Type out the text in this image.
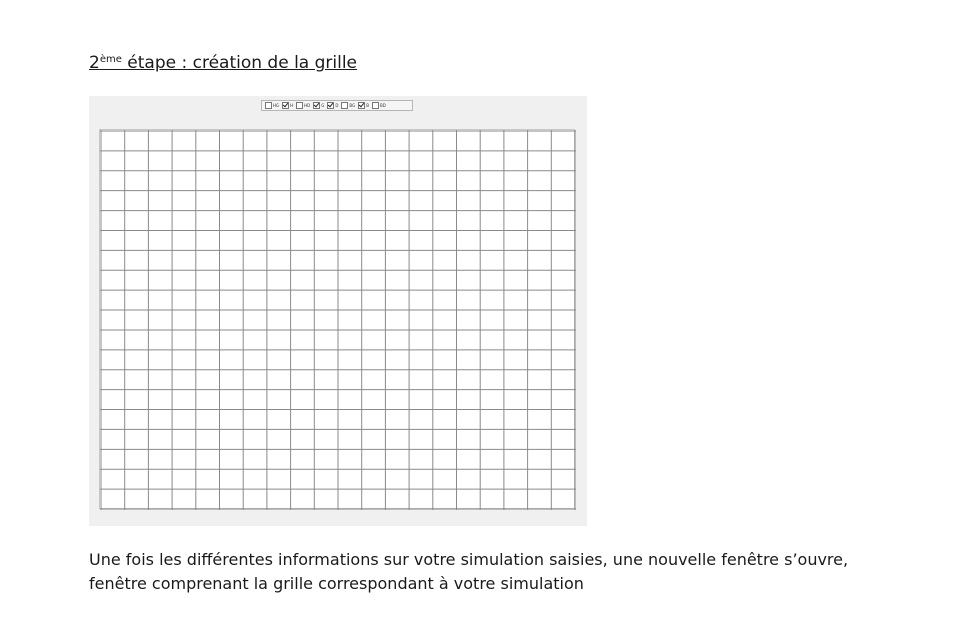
2ème étape : création de la grille
HG	H	HD	G	D	BG	B	BD
Une fois les différentes informations sur votre simulation saisies, une nouvelle fenêtre s’ouvre,
fenêtre comprenant la grille correspondant à votre simulation
